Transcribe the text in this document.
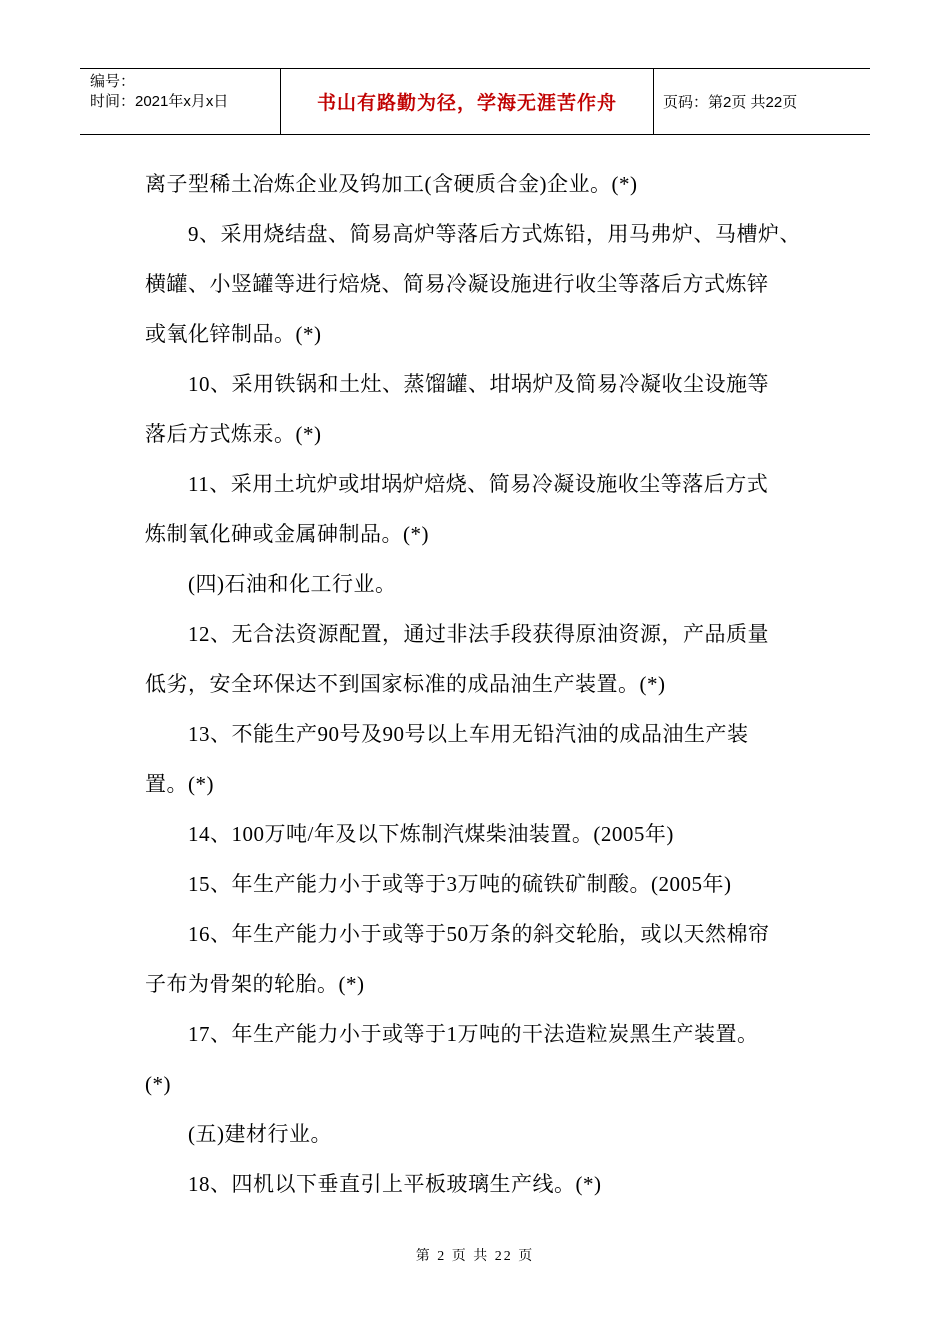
编号：
时间：2021年x月x日	书山有路勤为径，学海无涯苦作舟	页码：第2页 共22页
离子型稀土冶炼企业及钨加工(含硬质合金)企业。(*)
9、采用烧结盘、简易高炉等落后方式炼铅，用马弗炉、马槽炉、
横罐、小竖罐等进行焙烧、简易冷凝设施进行收尘等落后方式炼锌
或氧化锌制品。(*)
10、采用铁锅和土灶、蒸馏罐、坩埚炉及简易冷凝收尘设施等
落后方式炼汞。(*)
11、采用土坑炉或坩埚炉焙烧、简易冷凝设施收尘等落后方式
炼制氧化砷或金属砷制品。(*)
(四)石油和化工行业。
12、无合法资源配置，通过非法手段获得原油资源，产品质量
低劣，安全环保达不到国家标准的成品油生产装置。(*)
13、不能生产90号及90号以上车用无铅汽油的成品油生产装
置。(*)
14、100万吨/年及以下炼制汽煤柴油装置。(2005年)
15、年生产能力小于或等于3万吨的硫铁矿制酸。(2005年)
16、年生产能力小于或等于50万条的斜交轮胎，或以天然棉帘
子布为骨架的轮胎。(*)
17、年生产能力小于或等于1万吨的干法造粒炭黑生产装置。
(*)
(五)建材行业。
18、四机以下垂直引上平板玻璃生产线。(*)
第 2 页 共 22 页
